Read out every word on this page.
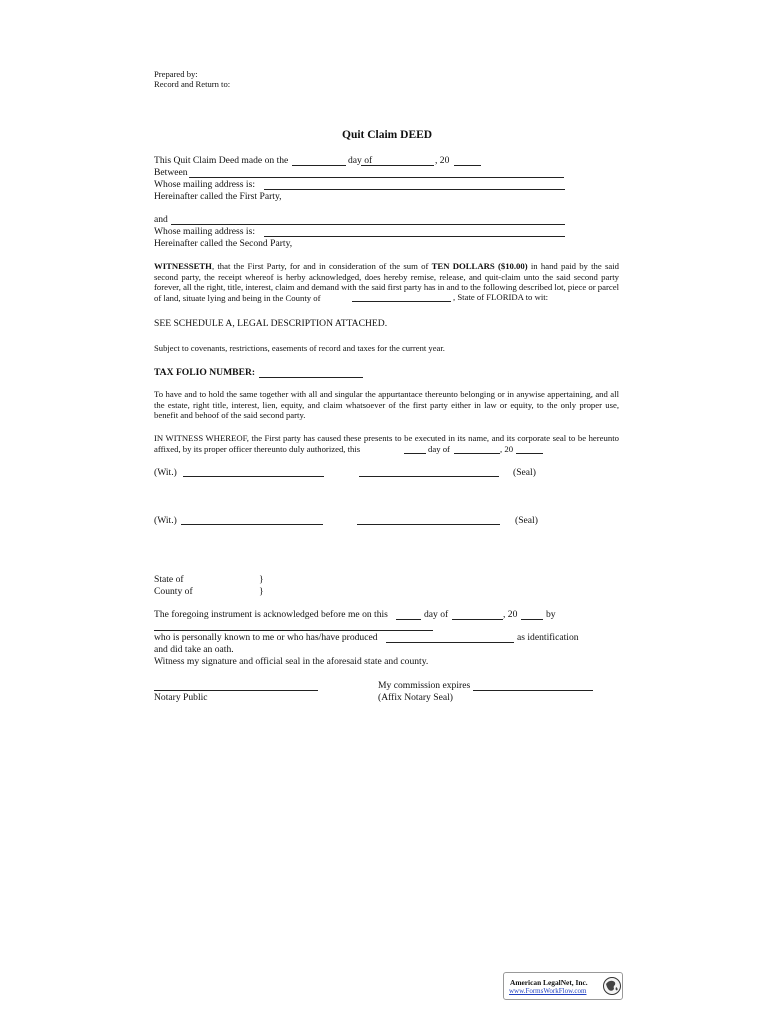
Prepared by:
Record and Return to:
Quit Claim DEED
This Quit Claim Deed made on the	day of	, 20
Between
Whose mailing address is:
Hereinafter called the First Party,
and
Whose mailing address is:
Hereinafter called the Second Party,
WITNESSETH, that the First Party, for and in consideration of the sum of TEN DOLLARS ($10.00) in hand paid by the said second party, the receipt whereof is herby acknowledged, does hereby remise, release, and quit-claim unto the said second party forever, all the right, title, interest, claim and demand with the said first party has in and to the following described lot, piece or parcel of land, situate lying and being in the County of	, State of FLORIDA to wit:
SEE SCHEDULE A, LEGAL DESCRIPTION ATTACHED.
Subject to covenants, restrictions, easements of record and taxes for the current year.
TAX FOLIO NUMBER:
To have and to hold the same together with all and singular the appurtantace thereunto belonging or in anywise appertaining, and all the estate, right title, interest, lien, equity, and claim whatsoever of the first party either in law or equity, to the only proper use, benefit and behoof of the said second party.
IN WITNESS WHEREOF, the First party has caused these presents to be executed in its name, and its corporate seal to be hereunto affixed, by its proper officer thereunto duly authorized, this	day of	, 20
(Wit.)	(Seal)
(Wit.)	(Seal)
State of	}
County of	}
The foregoing instrument is acknowledged before me on this	day of	, 20	by
who is personally known to me or who has/have produced	as identification
and did take an oath.
Witness my signature and official seal in the aforesaid state and county.
My commission expires
Notary Public	(Affix Notary Seal)
American LegalNet, Inc.
www.FormsWorkFlow.com
